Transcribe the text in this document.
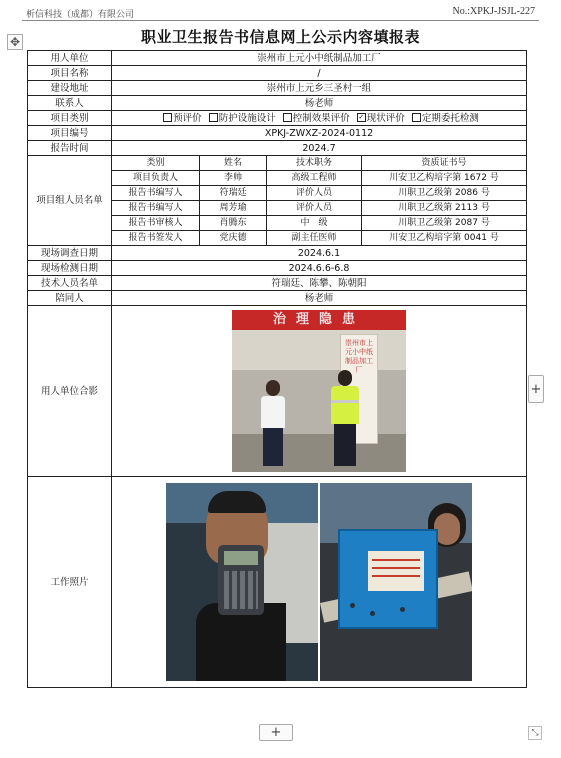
析信科技（成都）有限公司	No.:XPKJ-JSJL-227
✥	职业卫生报告书信息网上公示内容填报表
用人单位	崇州市上元小中纸制品加工厂			
项目名称	/			
建设地址	崇州市上元乡三圣村一组			
联系人	杨老师			
项目类别	预评价 防护设施设计 控制效果评价 ✓ 现状评价 定期委托检测			
项目编号	XPKJ-ZWXZ-2024-0112			
报告时间	2024.7			
项目组人员名单	类别	姓名	技术职务	资质证书号
	项目负责人	李帅	高级工程师	川安卫乙构培字第 1672 号
	报告书编写人	符瑞廷	评价人员	川职卫乙级第 2086 号
	报告书编写人	周芳瑜	评价人员	川职卫乙级第 2113 号
	报告书审核人	肖腾东	中　级	川职卫乙级第 2087 号
	报告书签发人	党庆德	副主任医师	川安卫乙构培字第 0041 号
现场调查日期	2024.6.1			
现场检测日期	2024.6.6-6.8			
技术人员名单	符瑞廷、陈攀、陈朝阳			
陪同人	杨老师			
用人单位合影	治理隐患
崇州市上元小中纸制品加工厂			

工作照片				
+
+	⤡
